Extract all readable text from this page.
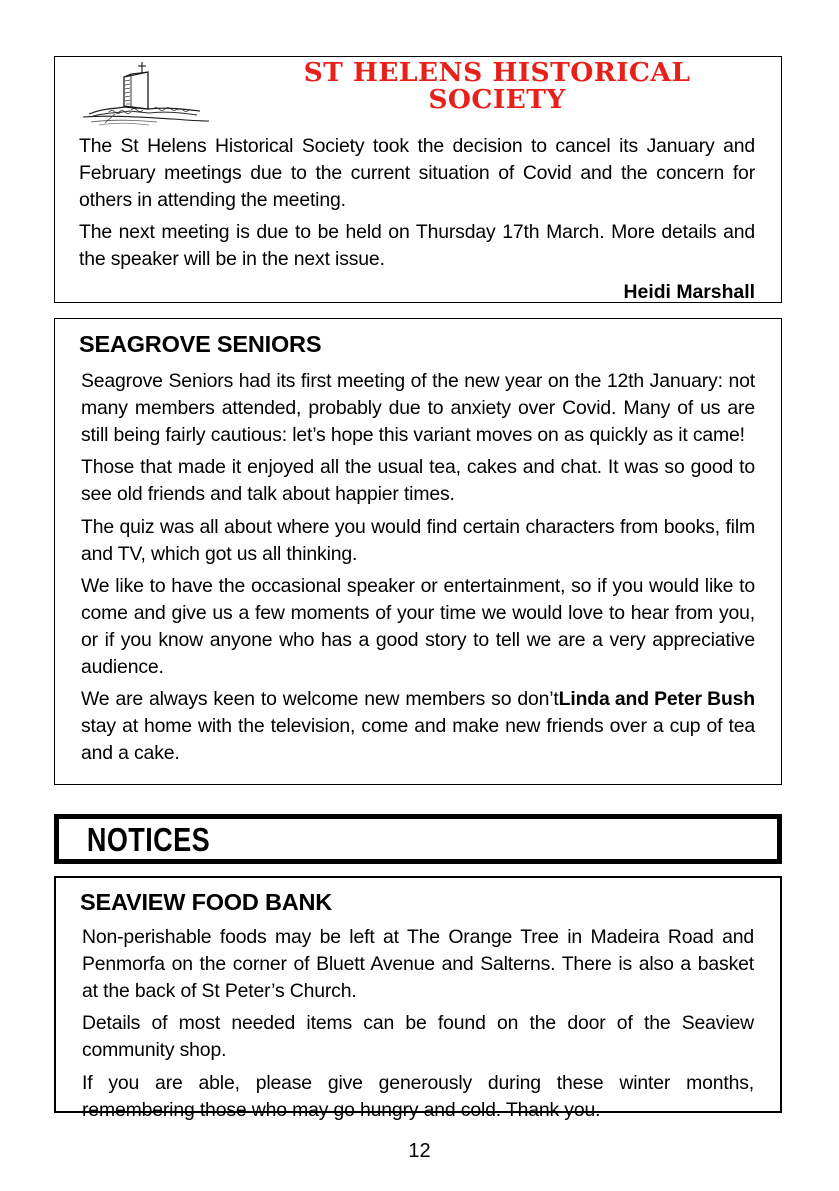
ST HELENS HISTORICAL
SOCIETY

The St Helens Historical Society took the decision to cancel its January and February meetings due to the current situation of Covid and the concern for others in attending the meeting.

The next meeting is due to be held on Thursday 17th March. More details and the speaker will be in the next issue.

Heidi Marshall

SEAGROVE SENIORS

Seagrove Seniors had its first meeting of the new year on the 12th January: not many members attended, probably due to anxiety over Covid. Many of us are still being fairly cautious: let’s hope this variant moves on as quickly as it came!

Those that made it enjoyed all the usual tea, cakes and chat. It was so good to see old friends and talk about happier times.

The quiz was all about where you would find certain characters from books, film and TV, which got us all thinking.

We like to have the occasional speaker or entertainment, so if you would like to come and give us a few moments of your time we would love to hear from you, or if you know anyone who has a good story to tell we are a very appreciative audience.

Linda and Peter Bush
We are always keen to welcome new members so don’t stay at home with the television, come and make new friends over a cup of tea and a cake.

NOTICES
SEAVIEW FOOD BANK

Non-perishable foods may be left at The Orange Tree in Madeira Road and Penmorfa on the corner of Bluett Avenue and Salterns. There is also a basket at the back of St Peter’s Church.

Details of most needed items can be found on the door of the Seaview community shop.

If you are able, please give generously during these winter months, remembering those who may go hungry and cold. Thank you.

12
